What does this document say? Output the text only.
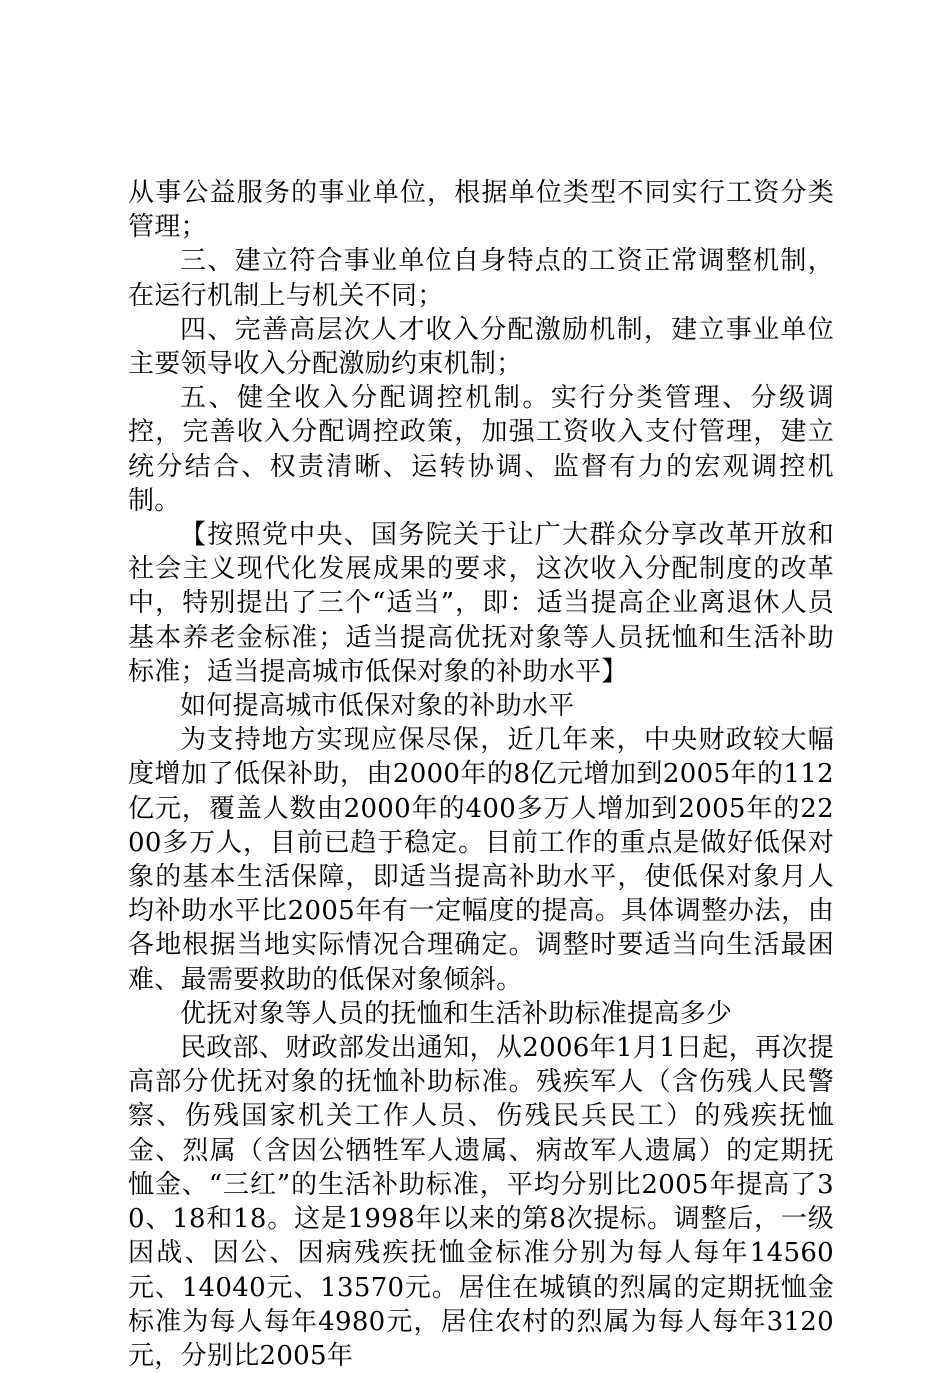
从事公益服务的事业单位，根据单位类型不同实行工资分类管理；

三、建立符合事业单位自身特点的工资正常调整机制，在运行机制上与机关不同；

四、完善高层次人才收入分配激励机制，建立事业单位主要领导收入分配激励约束机制；

五、健全收入分配调控机制。实行分类管理、分级调控，完善收入分配调控政策，加强工资收入支付管理，建立统分结合、权责清晰、运转协调、监督有力的宏观调控机制。

【按照党中央、国务院关于让广大群众分享改革开放和社会主义现代化发展成果的要求，这次收入分配制度的改革中，特别提出了三个“适当”，即：适当提高企业离退休人员基本养老金标准；适当提高优抚对象等人员抚恤和生活补助标准；适当提高城市低保对象的补助水平】

如何提高城市低保对象的补助水平

为支持地方实现应保尽保，近几年来，中央财政较大幅度增加了低保补助，由2000年的8亿元增加到2005年的112亿元，覆盖人数由2000年的400多万人增加到2005年的2200多万人，目前已趋于稳定。目前工作的重点是做好低保对象的基本生活保障，即适当提高补助水平，使低保对象月人均补助水平比2005年有一定幅度的提高。具体调整办法，由各地根据当地实际情况合理确定。调整时要适当向生活最困难、最需要救助的低保对象倾斜。

优抚对象等人员的抚恤和生活补助标准提高多少

民政部、财政部发出通知，从2006年1月1日起，再次提高部分优抚对象的抚恤补助标准。残疾军人（含伤残人民警察、伤残国家机关工作人员、伤残民兵民工）的残疾抚恤金、烈属（含因公牺牲军人遗属、病故军人遗属）的定期抚恤金、“三红”的生活补助标准，平均分别比2005年提高了30、18和18。这是1998年以来的第8次提标。调整后，一级因战、因公、因病残疾抚恤金标准分别为每人每年14560元、14040元、13570元。居住在城镇的烈属的定期抚恤金标准为每人每年4980元，居住农村的烈属为每人每年3120元，分别比2005年
